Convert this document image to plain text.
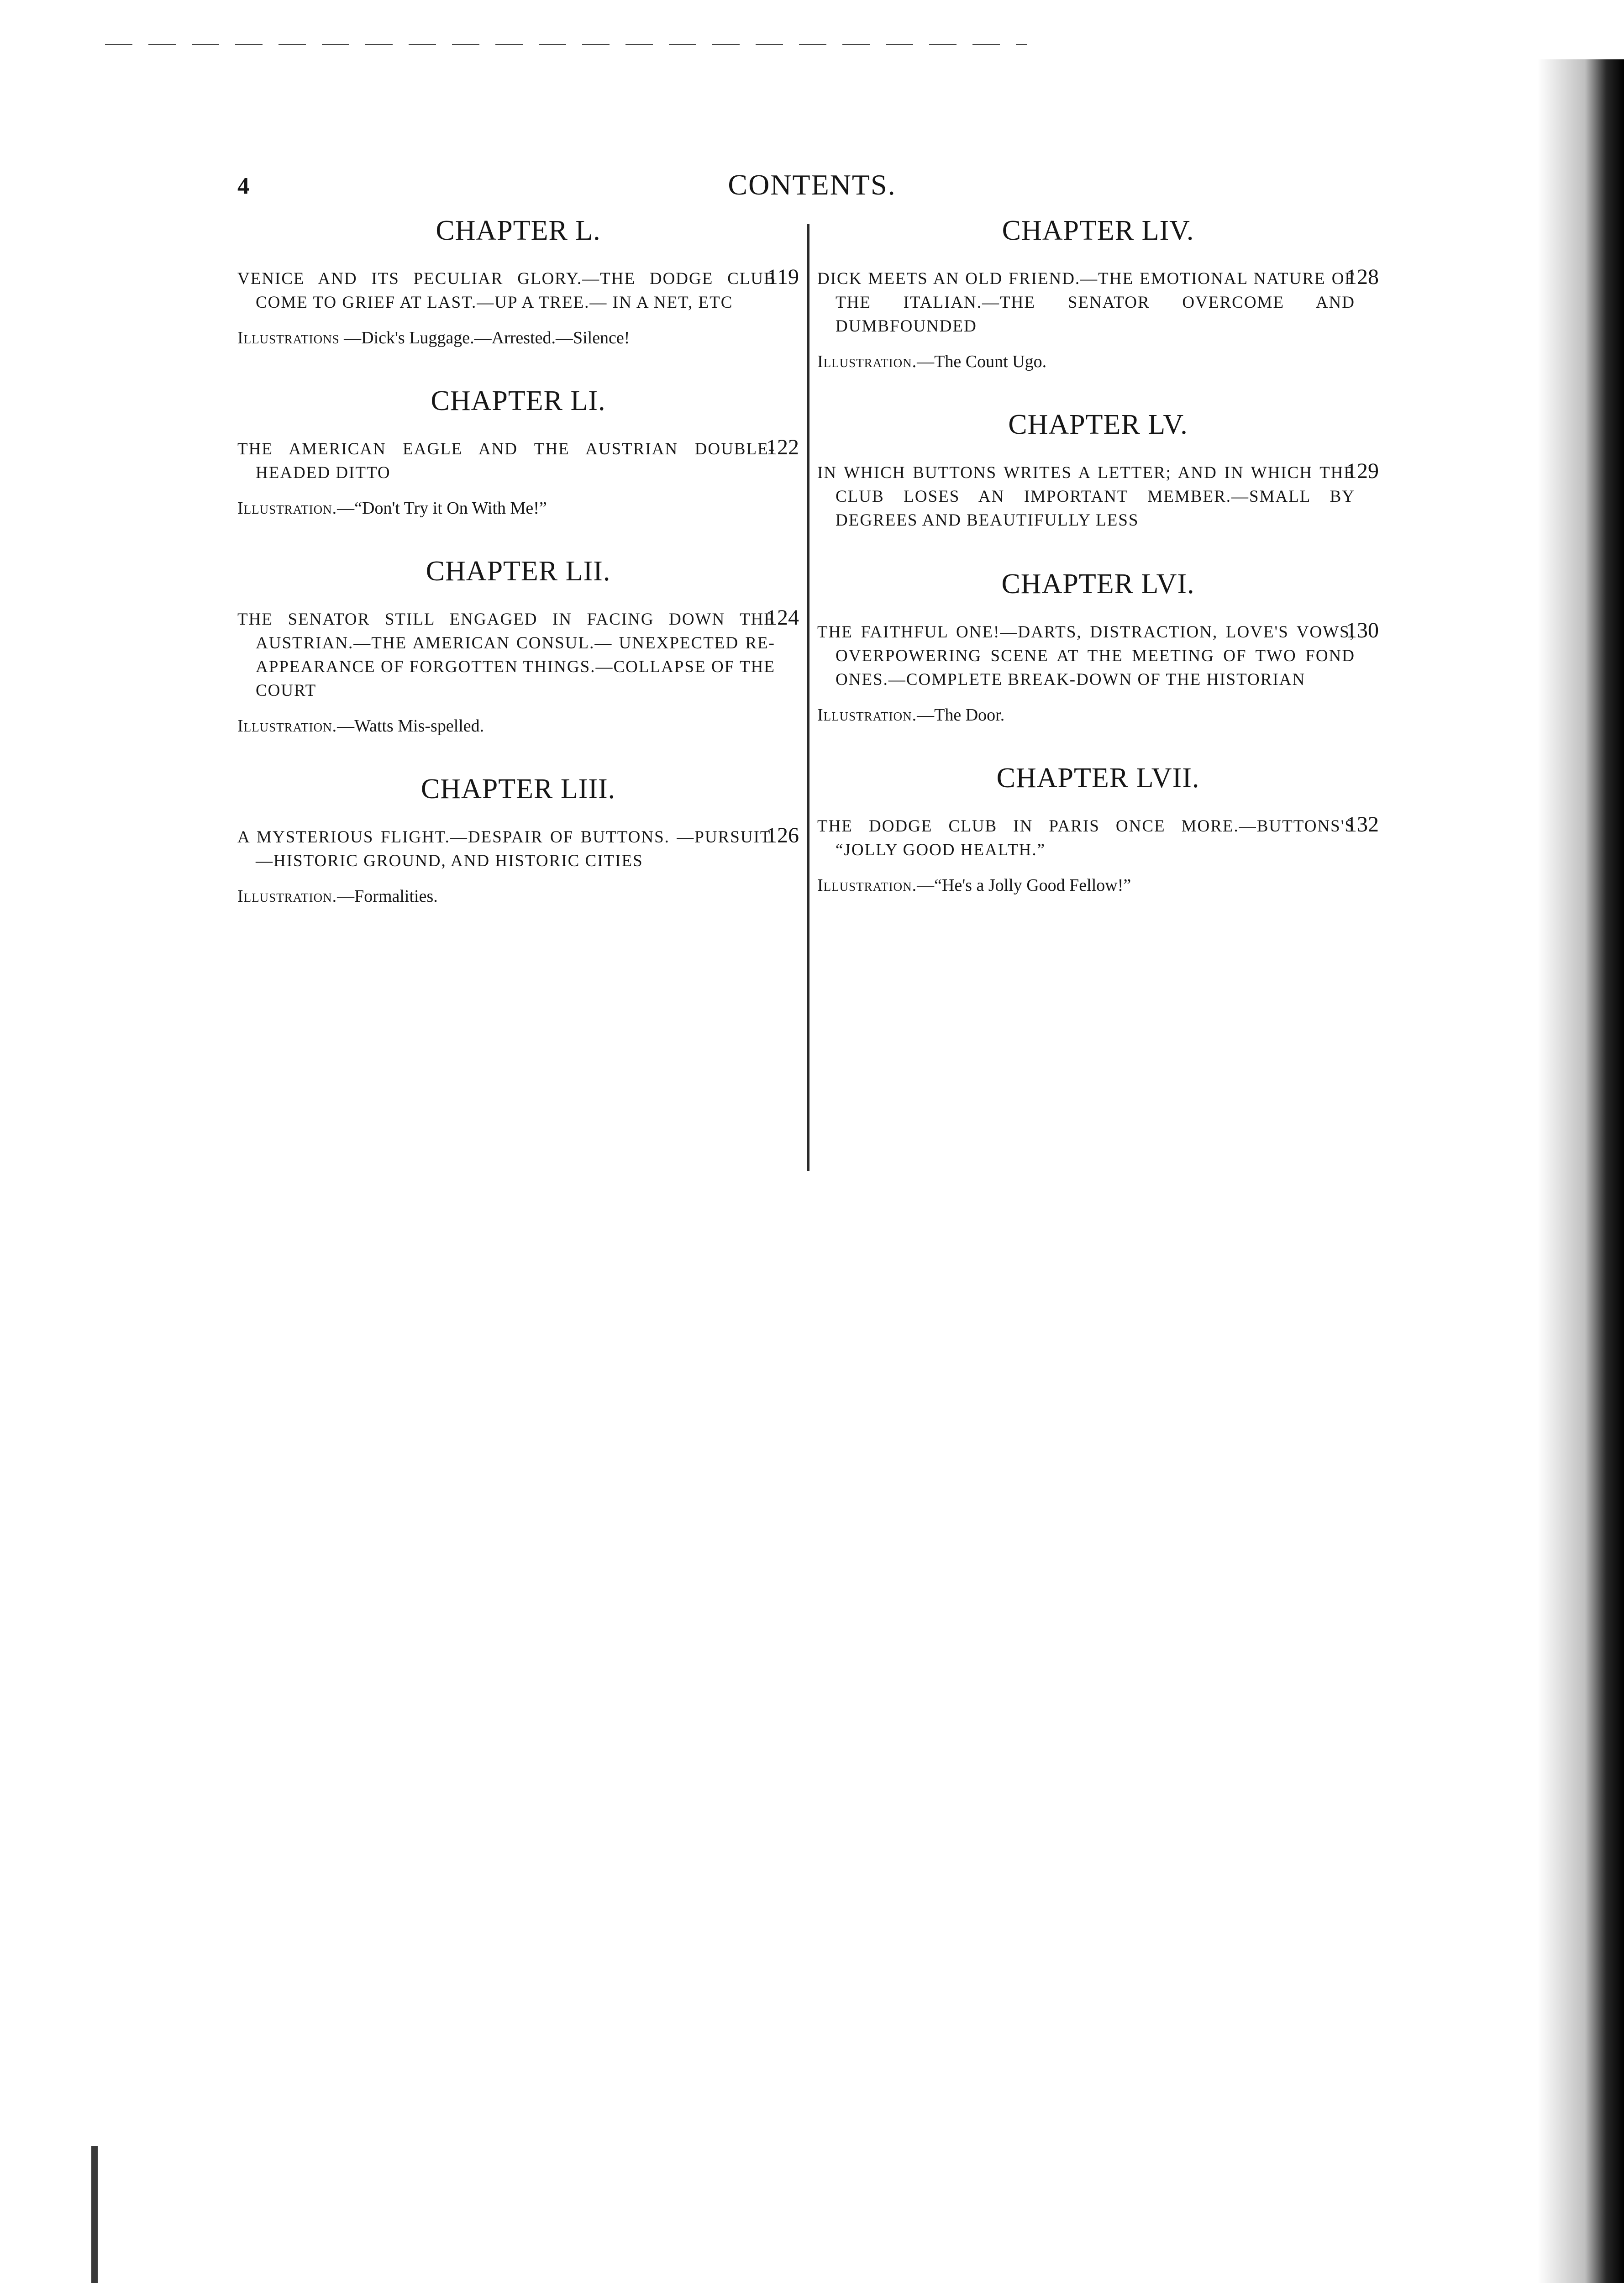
4	CONTENTS.
CHAPTER L.

VENICE AND ITS PECULIAR GLORY.—THE DODGE CLUB COME TO GRIEF AT LAST.—UP A TREE.— IN A NET, ETC
119

Illustrations —Dick's Luggage.—Arrested.—Silence!
CHAPTER LI.

THE AMERICAN EAGLE AND THE AUSTRIAN DOUBLE-HEADED DITTO
122

Illustration.—“Don't Try it On With Me!”
CHAPTER LII.

THE SENATOR STILL ENGAGED IN FACING DOWN THE AUSTRIAN.—THE AMERICAN CONSUL.— UNEXPECTED RE-APPEARANCE OF FORGOTTEN THINGS.—COLLAPSE OF THE COURT
124

Illustration.—Watts Mis-spelled.
CHAPTER LIII.

A MYSTERIOUS FLIGHT.—DESPAIR OF BUTTONS. —PURSUIT.—HISTORIC GROUND, AND HISTORIC CITIES
126

Illustration.—Formalities.
CHAPTER LIV.

DICK MEETS AN OLD FRIEND.—THE EMOTIONAL NATURE OF THE ITALIAN.—THE SENATOR OVERCOME AND DUMBFOUNDED
128

Illustration.—The Count Ugo.
CHAPTER LV.

IN WHICH BUTTONS WRITES A LETTER; AND IN WHICH THE CLUB LOSES AN IMPORTANT MEMBER.—SMALL BY DEGREES AND BEAUTIFULLY LESS
129

CHAPTER LVI.

THE FAITHFUL ONE!—DARTS, DISTRACTION, LOVE'S VOWS, OVERPOWERING SCENE AT THE MEETING OF TWO FOND ONES.—COMPLETE BREAK-DOWN OF THE HISTORIAN
130

Illustration.—The Door.
CHAPTER LVII.

THE DODGE CLUB IN PARIS ONCE MORE.—BUTTONS'S “JOLLY GOOD HEALTH.”
132

Illustration.—“He's a Jolly Good Fellow!”
